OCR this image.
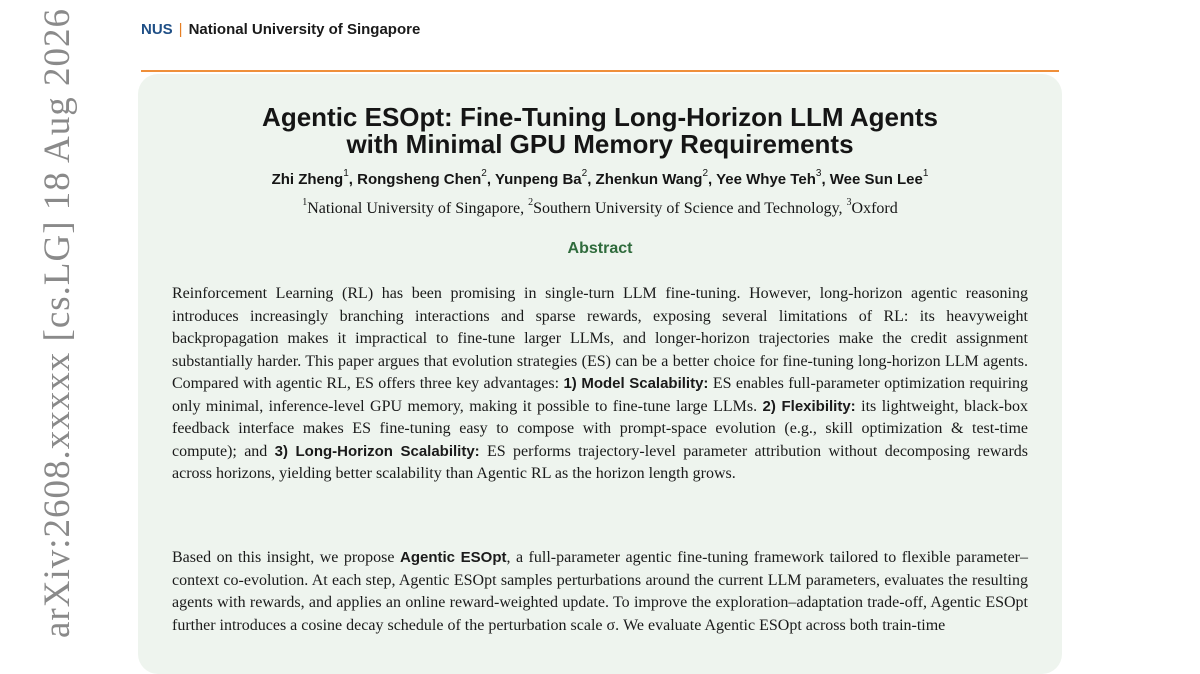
NUS | National University of Singapore
arXiv:2608.xxxxx [cs.LG] 18 Aug 2026	Agentic ESOpt: Fine-Tuning Long-Horizon LLM Agents
with Minimal GPU Memory Requirements
Zhi Zheng$^1$, Rongsheng Chen$^2$, Yunpeng Ba$^2$, Zhenkun Wang$^2$, Yee Whye Teh$^3$, Wee Sun Lee$^1$
$^1$National University of Singapore, $^2$Southern University of Science and Technology, $^3$Oxford
Abstract

Reinforcement Learning (RL) has been promising in single-turn LLM fine-tuning. However, long-horizon agentic reasoning introduces increasingly branching interactions and sparse rewards, exposing several limitations of RL: its heavyweight backpropagation makes it impractical to fine-tune larger LLMs, and longer-horizon trajectories make the credit assignment substantially harder. This paper argues that evolution strategies (ES) can be a better choice for fine-tuning long-horizon LLM agents. Compared with agentic RL, ES offers three key advantages: 1) Model Scalability: ES enables full-parameter optimization requiring only minimal, inference-level GPU memory, making it possible to fine-tune large LLMs. 2) Flexibility: its lightweight, black-box feedback interface makes ES fine-tuning easy to compose with prompt-space evolution (e.g., skill optimization & test-time compute); and 3) Long-Horizon Scalability: ES performs trajectory-level parameter attribution without decomposing rewards across horizons, yielding better scalability than Agentic RL as the horizon length grows.

Based on this insight, we propose Agentic ESOpt, a full-parameter agentic fine-tuning framework tailored to flexible parameter–context co-evolution. At each step, Agentic ESOpt samples perturbations around the current LLM parameters, evaluates the resulting agents with rewards, and applies an online reward-weighted update. To improve the exploration–adaptation trade-off, Agentic ESOpt further introduces a cosine decay schedule of the perturbation scale σ. We evaluate Agentic ESOpt across both train-time
